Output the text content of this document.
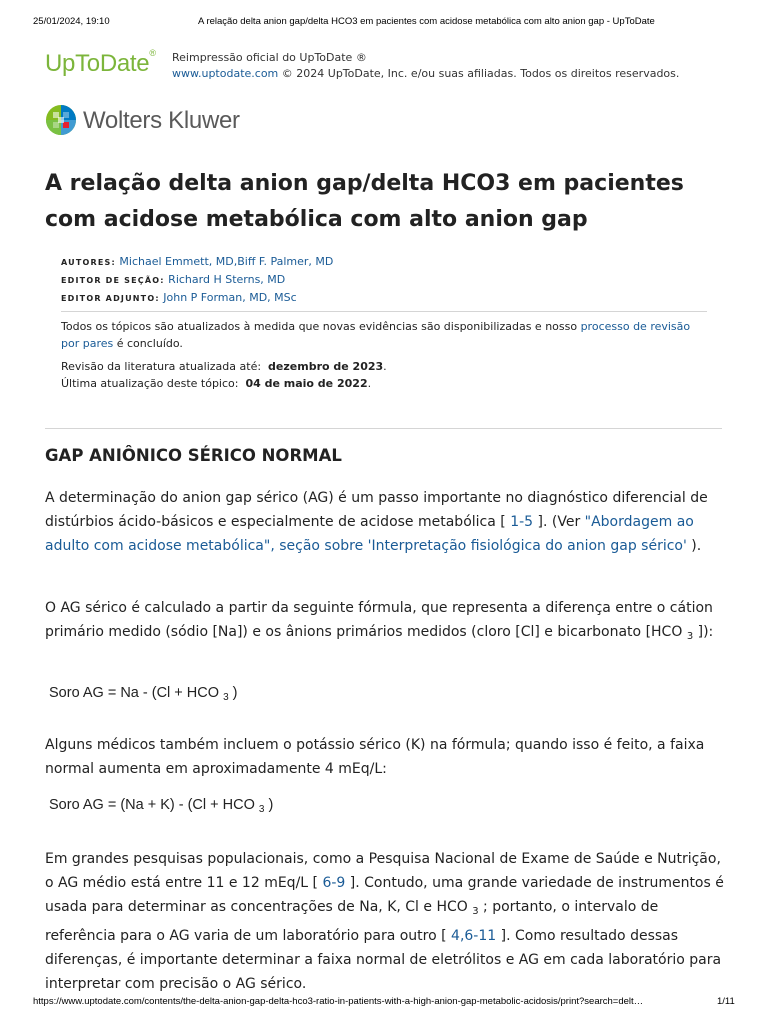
25/01/2024, 19:10	A relação delta anion gap/delta HCO3 em pacientes com acidose metabólica com alto anion gap - UpToDate
UpToDate® Reimpressão oficial do UpToDate ®
www.uptodate.com © 2024 UpToDate, Inc. e/ou suas afiliadas. Todos os direitos reservados.
Wolters Kluwer
A relação delta anion gap/delta HCO3 em pacientes com acidose metabólica com alto anion gap
AUTORES: Michael Emmett, MD,Biff F. Palmer, MD
EDITOR DE SEÇÃO: Richard H Sterns, MD
EDITOR ADJUNTO: John P Forman, MD, MSc
Todos os tópicos são atualizados à medida que novas evidências são disponibilizadas e nosso processo de revisão por pares é concluído.
Revisão da literatura atualizada até: dezembro de 2023.
Última atualização deste tópico: 04 de maio de 2022.
GAP ANIÔNICO SÉRICO NORMAL

A determinação do anion gap sérico (AG) é um passo importante no diagnóstico diferencial de distúrbios ácido-básicos e especialmente de acidose metabólica [ 1-5 ]. (Ver "Abordagem ao adulto com acidose metabólica", seção sobre 'Interpretação fisiológica do anion gap sérico' ).

O AG sérico é calculado a partir da seguinte fórmula, que representa a diferença entre o cátion primário medido (sódio [Na]) e os ânions primários medidos (cloro [Cl] e bicarbonato [HCO $_3$ ]):

Soro AG = Na - (Cl + HCO $_3$ )

Alguns médicos também incluem o potássio sérico (K) na fórmula; quando isso é feito, a faixa normal aumenta em aproximadamente 4 mEq/L:

Soro AG = (Na + K) - (Cl + HCO $_3$ )

Em grandes pesquisas populacionais, como a Pesquisa Nacional de Exame de Saúde e Nutrição, o AG médio está entre 11 e 12 mEq/L [ 6-9 ]. Contudo, uma grande variedade de instrumentos é usada para determinar as concentrações de Na, K, Cl e HCO $_3$ ; portanto, o intervalo de referência para o AG varia de um laboratório para outro [ 4,6-11 ]. Como resultado dessas diferenças, é importante determinar a faixa normal de eletrólitos e AG em cada laboratório para interpretar com precisão o AG sérico.

https://www.uptodate.com/contents/the-delta-anion-gap-delta-hco3-ratio-in-patients-with-a-high-anion-gap-metabolic-acidosis/print?search=delt…	1/11
